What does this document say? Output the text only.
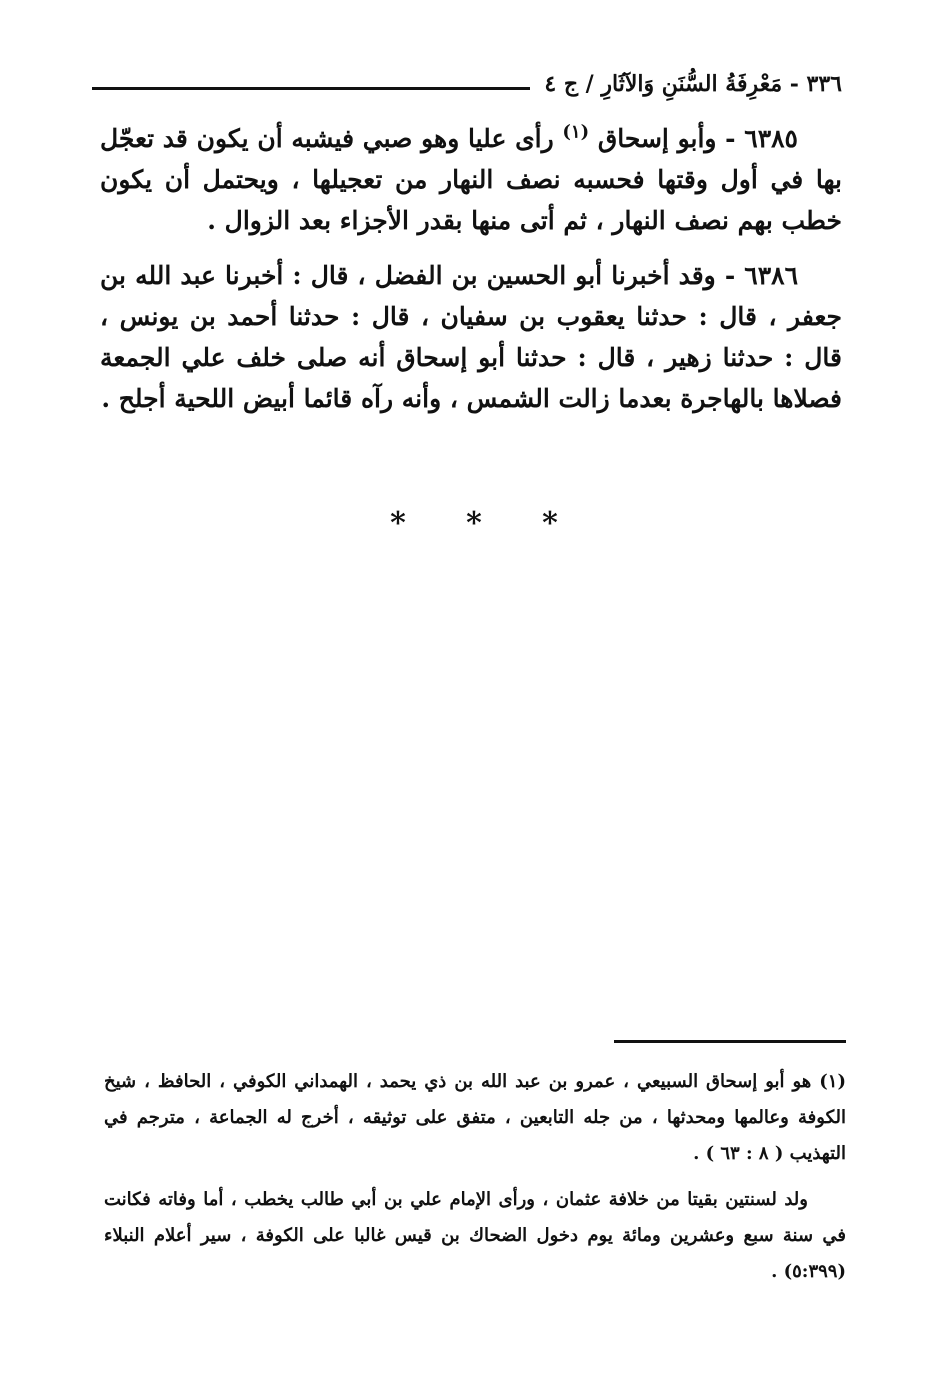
٣٣٦ - مَعْرِفَةُ السُّنَنِ وَالآثَارِ / ج ٤

٦٣٨٥ - وأبو إسحاق $^{(١)}$ رأى عليا وهو صبي فيشبه أن يكون قد تعجّل بها في أول وقتها فحسبه نصف النهار من تعجيلها ، ويحتمل أن يكون خطب بهم نصف النهار ، ثم أتى منها بقدر الأجزاء بعد الزوال .

٦٣٨٦ - وقد أخبرنا أبو الحسين بن الفضل ، قال : أخبرنا عبد الله بن جعفر ، قال : حدثنا يعقوب بن سفيان ، قال : حدثنا أحمد بن يونس ، قال : حدثنا زهير ، قال : حدثنا أبو إسحاق أنه صلى خلف علي الجمعة فصلاها بالهاجرة بعدما زالت الشمس ، وأنه رآه قائما أبيض اللحية أجلح .

* * *

(١) هو أبو إسحاق السبيعي ، عمرو بن عبد الله بن ذي يحمد ، الهمداني الكوفي ، الحافظ ، شيخ الكوفة وعالمها ومحدثها ، من جله التابعين ، متفق على توثيقه ، أخرج له الجماعة ، مترجم في التهذيب ( ٨ : ٦٣ ) .

ولد لسنتين بقيتا من خلافة عثمان ، ورأى الإمام علي بن أبي طالب يخطب ، أما وفاته فكانت في سنة سبع وعشرين ومائة يوم دخول الضحاك بن قيس غالبا على الكوفة ، سير أعلام النبلاء (٥:٣٩٩) .
